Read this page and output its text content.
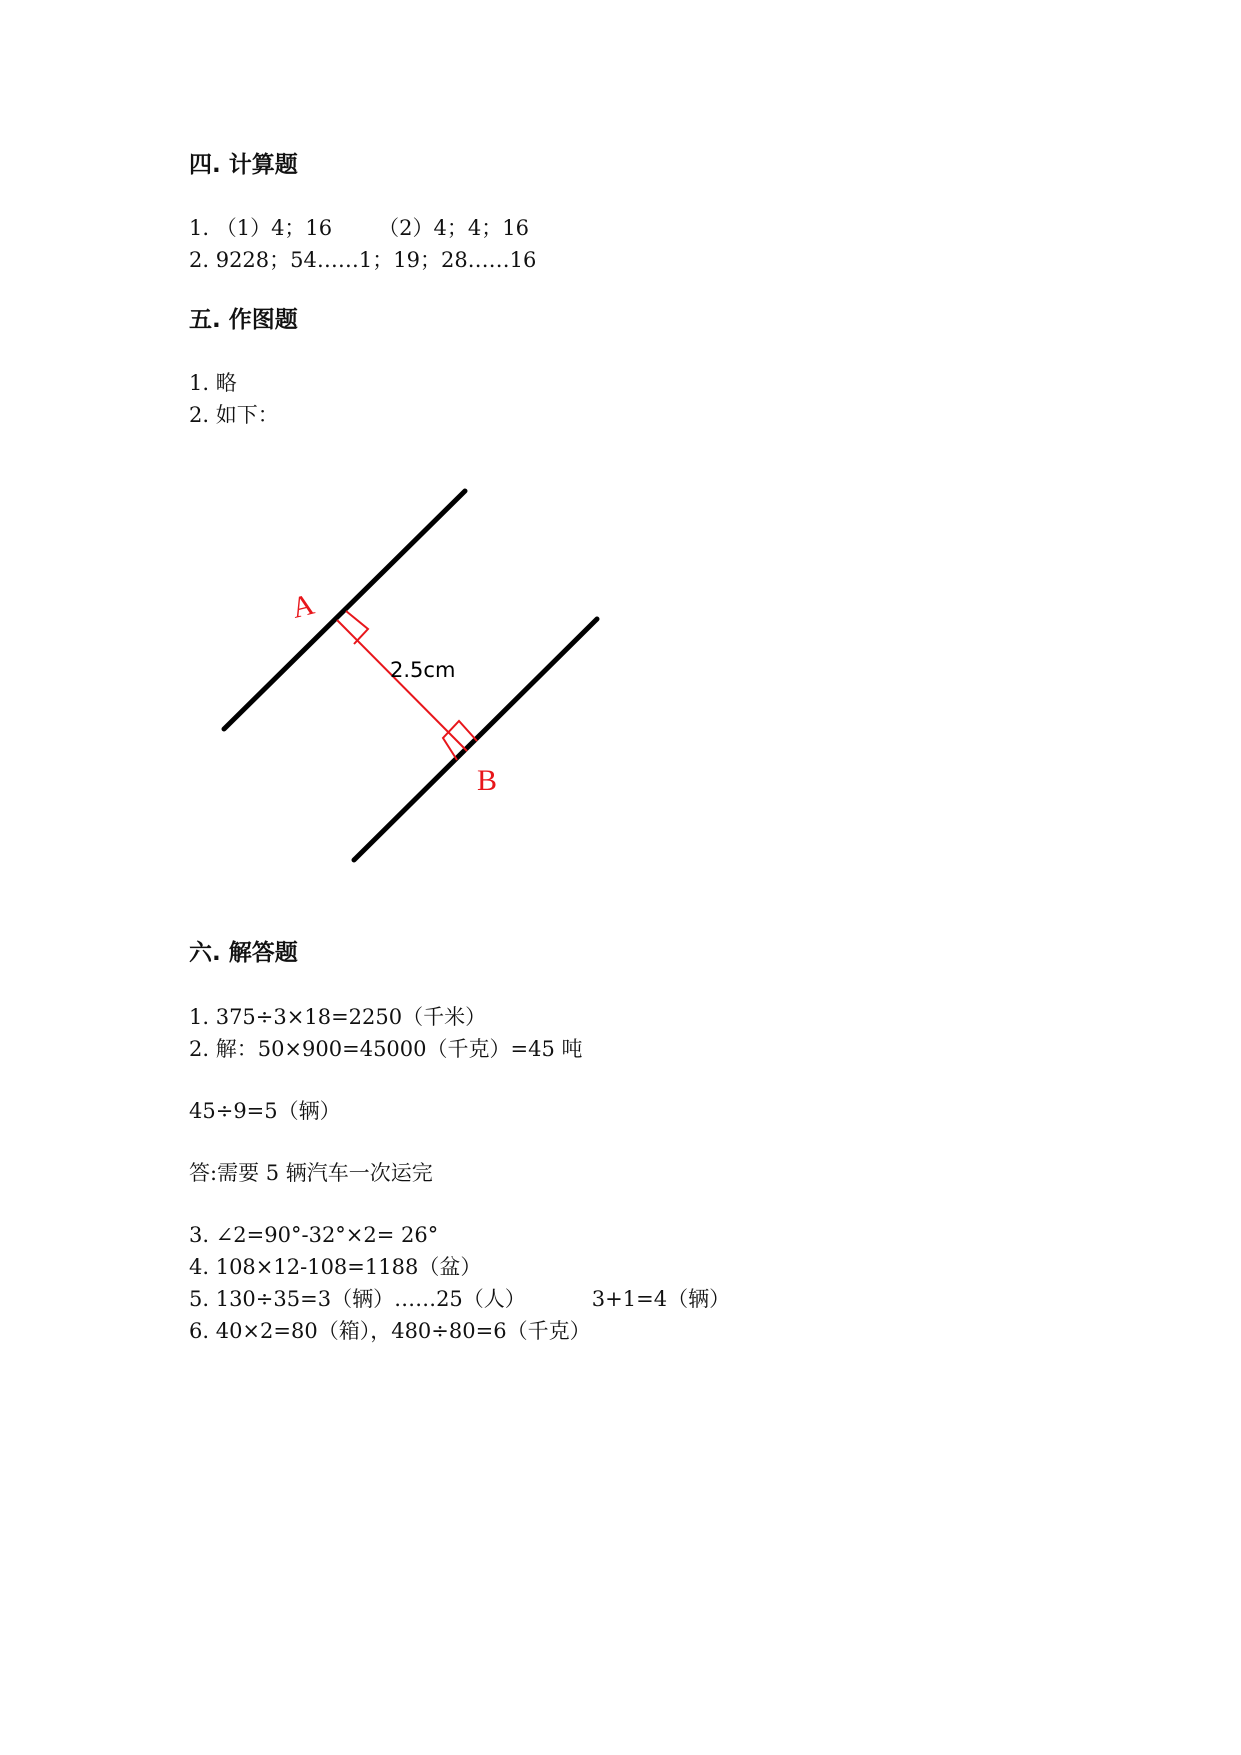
四. 计算题
1. （1）4；16 （2）4；4；16
2. 9228；54……1；19；28……16
五. 作图题
1. 略
2. 如下：
A
B
2.5cm
六. 解答题
1. 375÷3×18=2250（千米）
2. 解：50×900=45000（千克）=45 吨
45÷9=5（辆）
答:需要 5 辆汽车一次运完
3. ∠2=90°-32°×2= 26°
4. 108×12-108=1188（盆）
5. 130÷35=3（辆）……25（人）	3+1=4（辆）
6. 40×2=80（箱），480÷80=6（千克）
